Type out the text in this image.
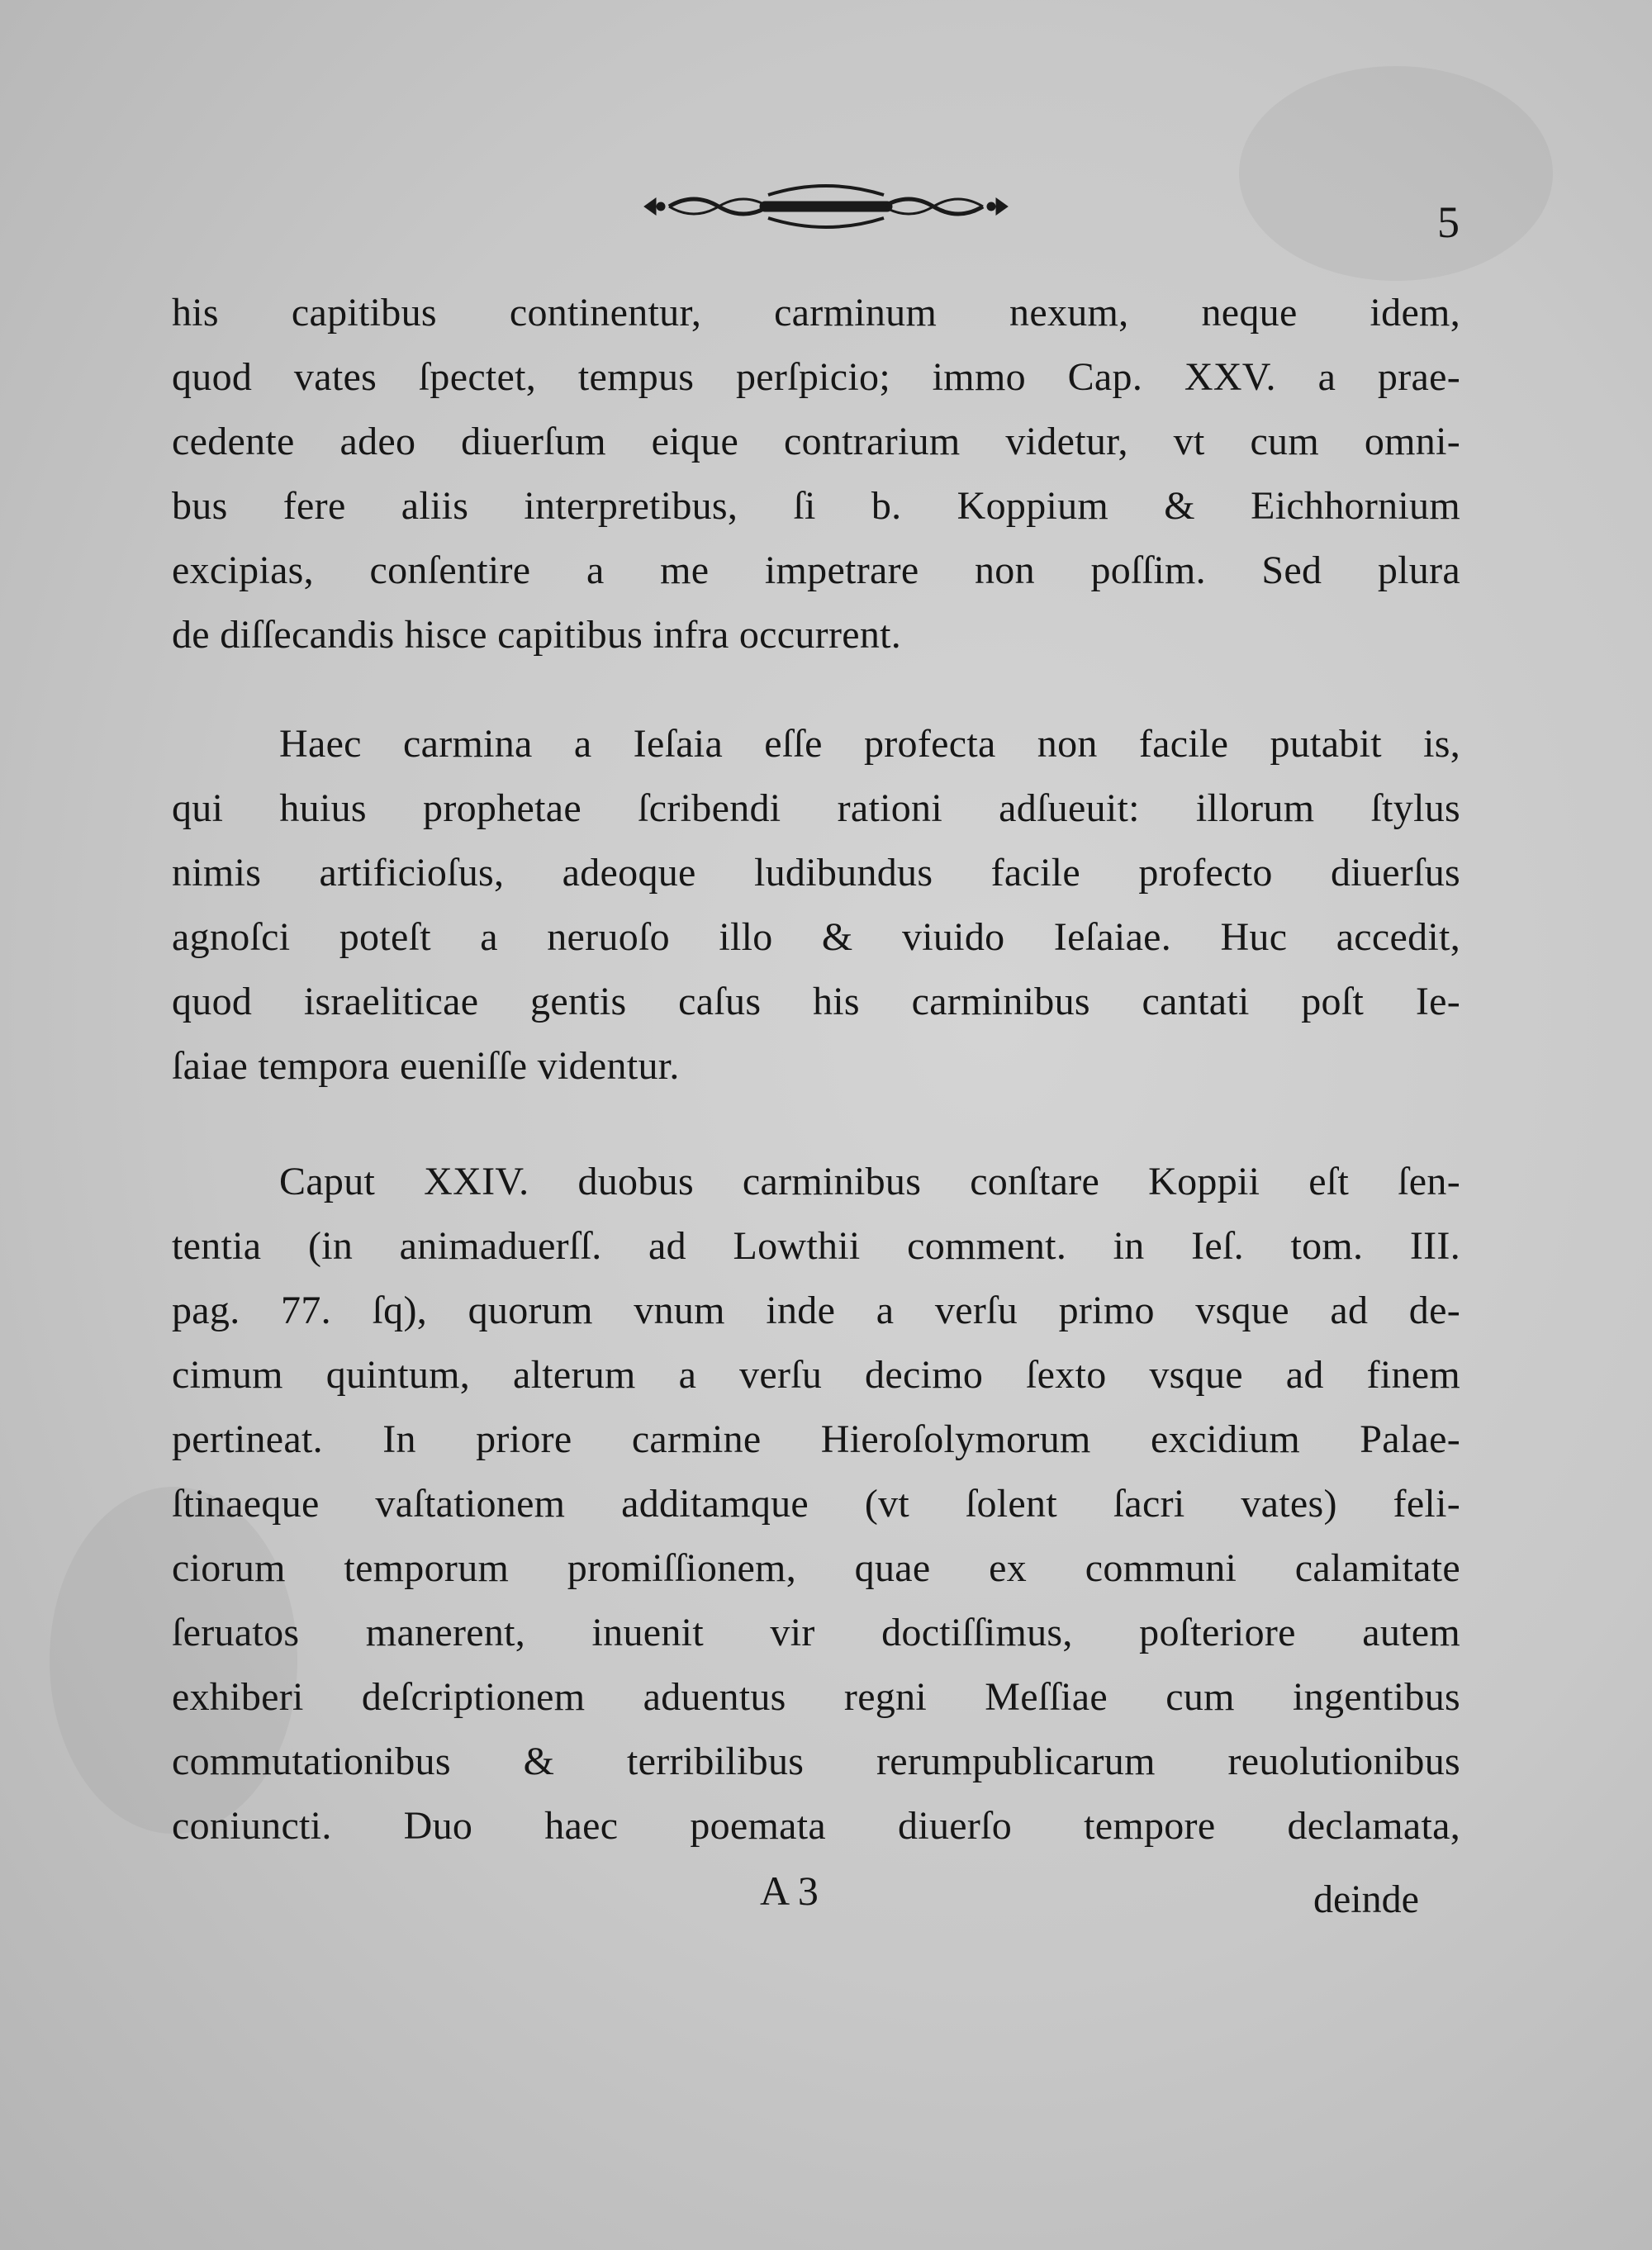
5
his capitibus continentur, carminum nexum, neque idem,
quod vates ſpectet, tempus perſpicio; immo Cap. XXV. a prae-
cedente adeo diuerſum eique contrarium videtur, vt cum omni-
bus fere aliis interpretibus, ſi b. Koppium & Eichhornium
excipias, conſentire a me impetrare non poſſim. Sed plura
de diſſecandis hisce capitibus infra occurrent.
Haec carmina a Ieſaia eſſe profecta non facile putabit is,
qui huius prophetae ſcribendi rationi adſueuit: illorum ſtylus
nimis artificioſus, adeoque ludibundus facile profecto diuerſus
agnoſci poteſt a neruoſo illo & viuido Ieſaiae. Huc accedit,
quod israeliticae gentis caſus his carminibus cantati poſt Ie-
ſaiae tempora eueniſſe videntur.
Caput XXIV. duobus carminibus conſtare Koppii eſt ſen-
tentia (in animaduerſſ. ad Lowthii comment. in Ieſ. tom. III.
pag. 77. ſq), quorum vnum inde a verſu primo vsque ad de-
cimum quintum, alterum a verſu decimo ſexto vsque ad finem
pertineat. In priore carmine Hieroſolymorum excidium Palae-
ſtinaeque vaſtationem additamque (vt ſolent ſacri vates) feli-
ciorum temporum promiſſionem, quae ex communi calamitate
ſeruatos manerent, inuenit vir doctiſſimus, poſteriore autem
exhiberi deſcriptionem aduentus regni Meſſiae cum ingentibus
commutationibus & terribilibus rerumpublicarum reuolutionibus
coniuncti. Duo haec poemata diuerſo tempore declamata,
A 3	deinde
